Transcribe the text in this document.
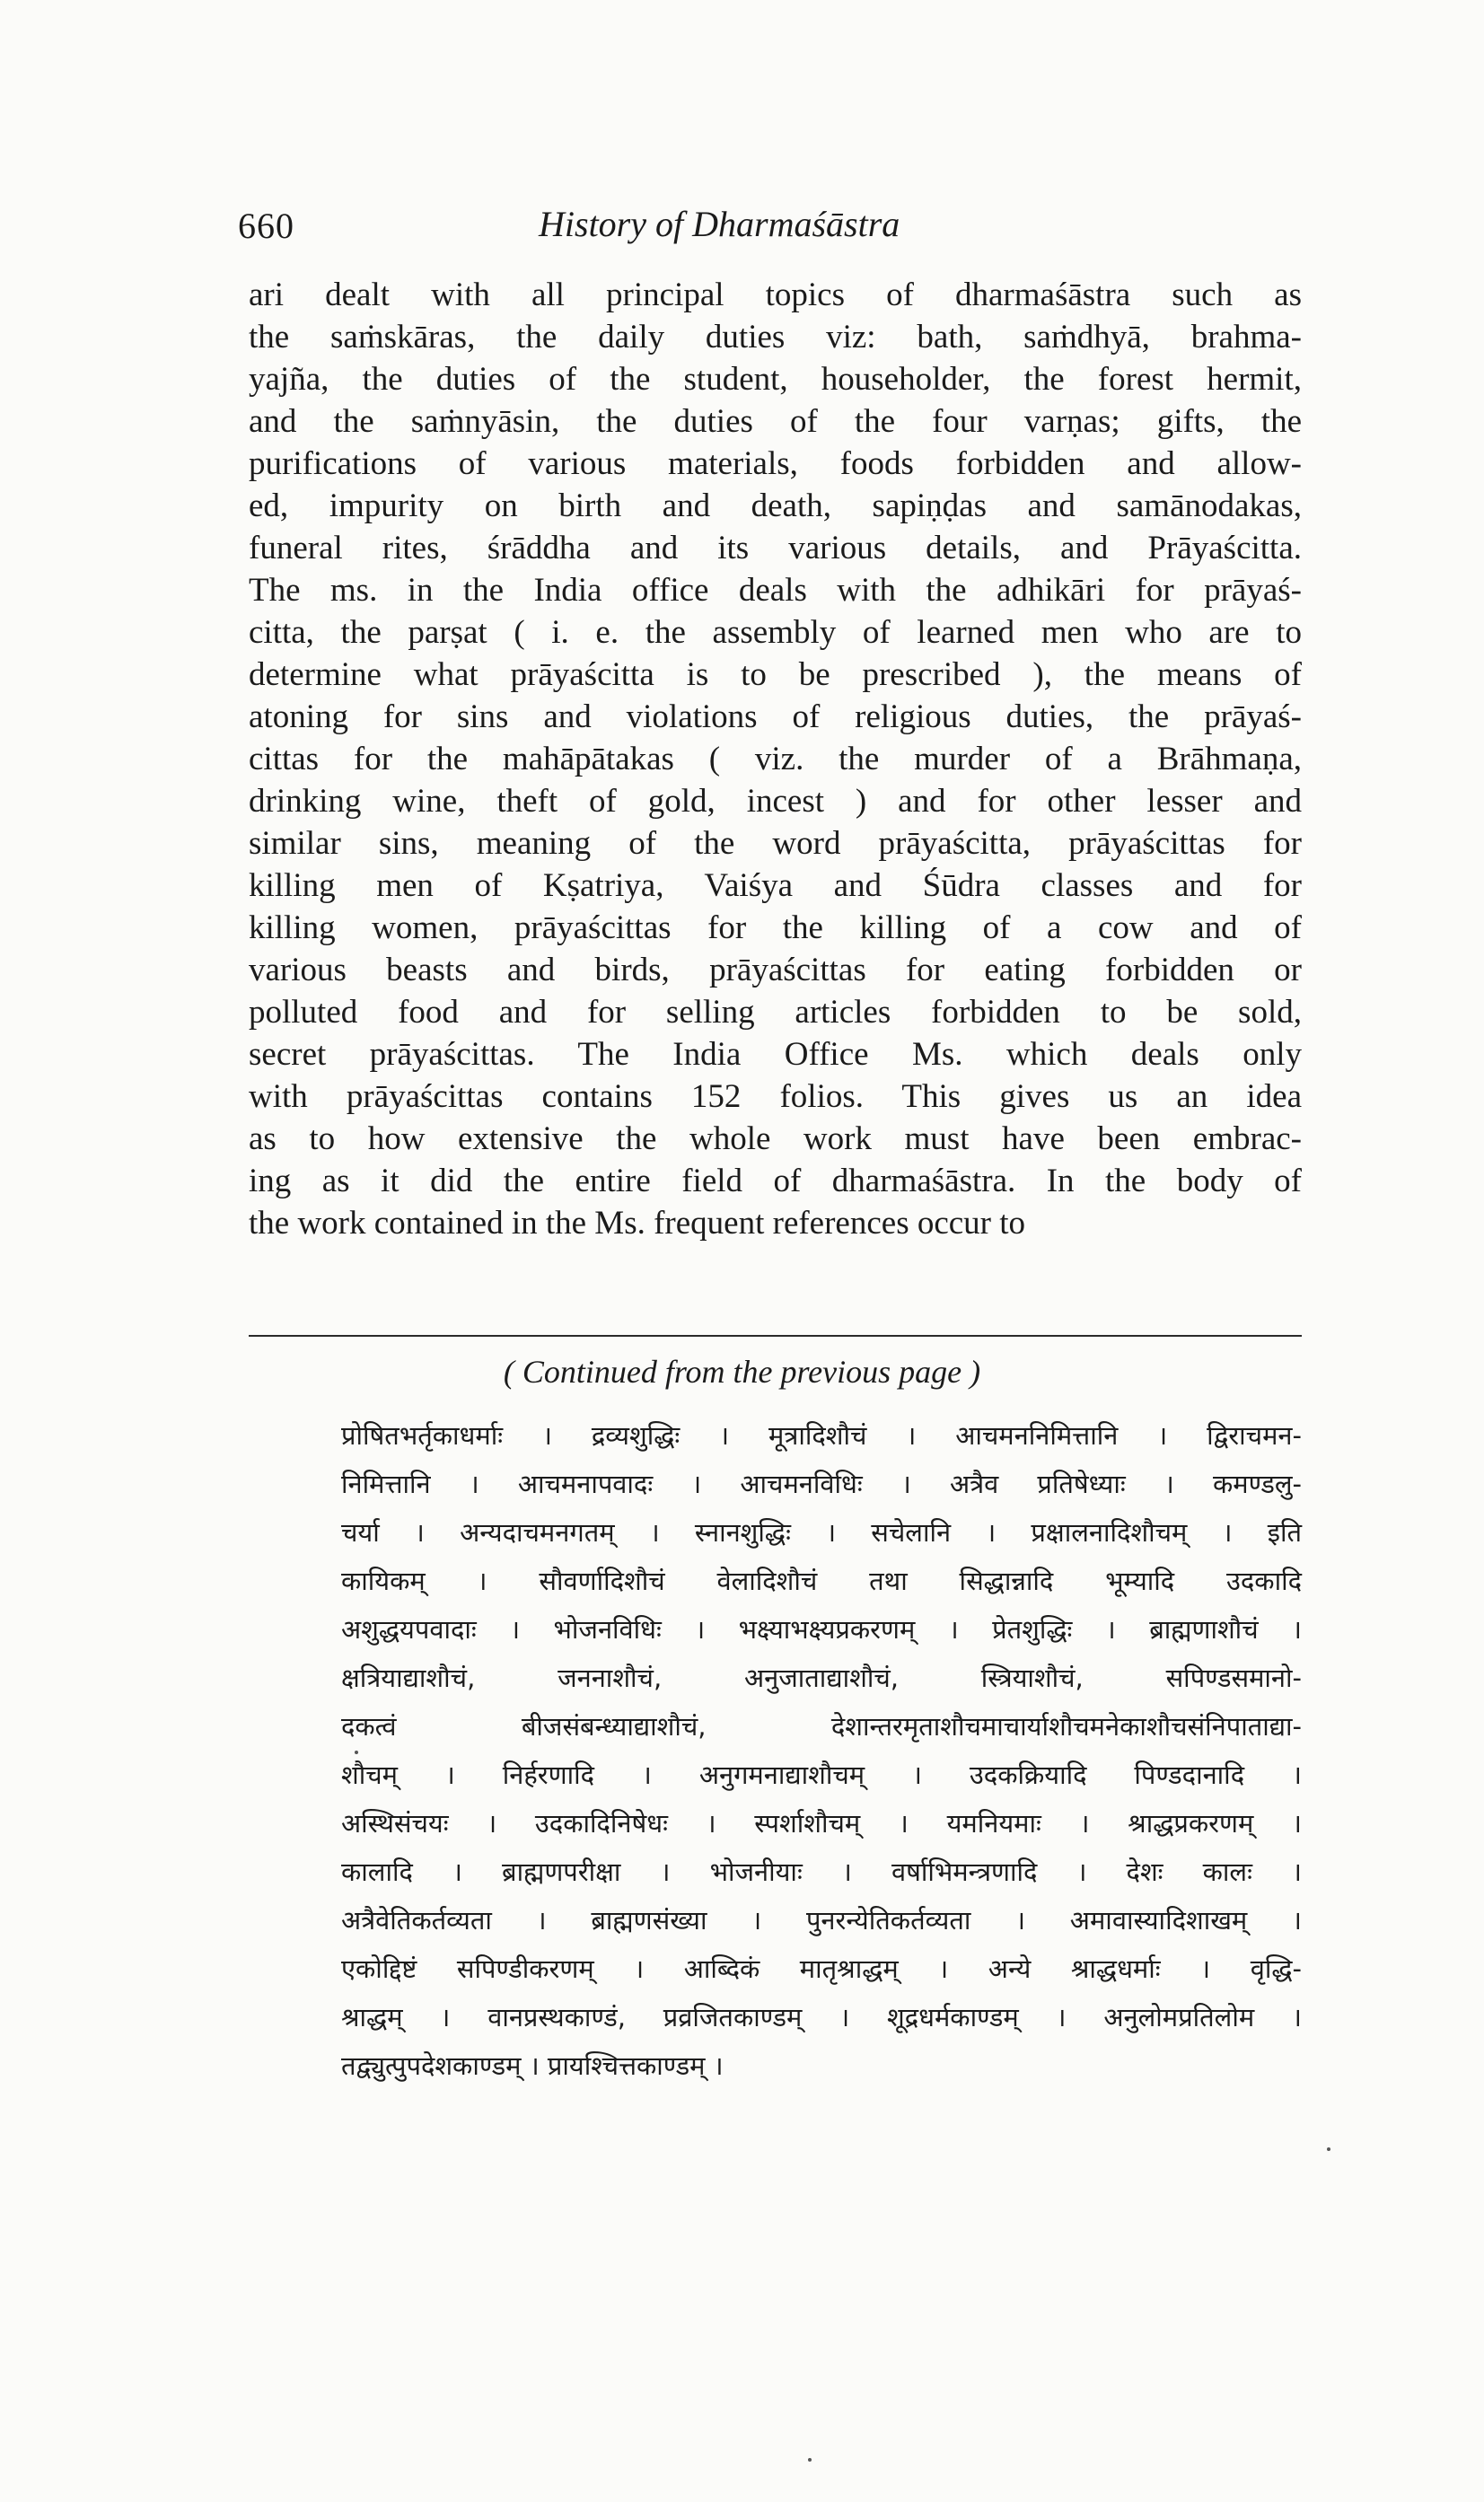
660	History of Dharmaśāstra
ari dealt with all principal topics of dharmaśāstra such as
the saṁskāras, the daily duties viz: bath, saṁdhyā, brahma-
yajña, the duties of the student, householder, the forest hermit,
and the saṁnyāsin, the duties of the four varṇas; gifts, the
purifications of various materials, foods forbidden and allow-
ed, impurity on birth and death, sapiṇḍas and samānodakas,
funeral rites, śrāddha and its various details, and Prāyaścitta.
The ms. in the India office deals with the adhikāri for prāyaś-
citta, the parṣat ( i. e. the assembly of learned men who are to
determine what prāyaścitta is to be prescribed ), the means of
atoning for sins and violations of religious duties, the prāyaś-
cittas for the mahāpātakas ( viz. the murder of a Brāhmaṇa,
drinking wine, theft of gold, incest ) and for other lesser and
similar sins, meaning of the word prāyaścitta, prāyaścittas for
killing men of Kṣatriya, Vaiśya and Śūdra classes and for
killing women, prāyaścittas for the killing of a cow and of
various beasts and birds, prāyaścittas for eating forbidden or
polluted food and for selling articles forbidden to be sold,
secret prāyaścittas. The India Office Ms. which deals only
with prāyaścittas contains 152 folios. This gives us an idea
as to how extensive the whole work must have been embrac-
ing as it did the entire field of dharmaśāstra. In the body of
the work contained in the Ms. frequent references occur to
( Continued from the previous page )
प्रोषितभर्तृकाधर्माः । द्रव्यशुद्धिः । मूत्रादिशौचं । आचमननिमित्तानि । द्विराचमन-
निमित्तानि । आचमनापवादः । आचमनविधिः । अत्रैव प्रतिषेध्याः । कमण्डलु-
चर्या । अन्यदाचमनगतम् । स्नानशुद्धिः । सचेलानि । प्रक्षालनादिशौचम् । इति
कायिकम् । सौवर्णादिशौचं वेलादिशौचं तथा सिद्धान्नादि भूम्यादि उदकादि
अशुद्धयपवादाः । भोजनविधिः । भक्ष्याभक्ष्यप्रकरणम् । प्रेतशुद्धिः । ब्राह्मणाशौचं ।
क्षत्रियाद्याशौचं, जननाशौचं, अनुजाताद्याशौचं, स्त्रियाशौचं, सपिण्डसमानो-
दकत्वं बीजसंबन्ध्याद्याशौचं, देशान्तरमृताशौचमाचार्याशौचमनेकाशौचसंनिपाताद्या-
शौचम् । निर्हरणादि । अनुगमनाद्याशौचम् । उदकक्रियादि पिण्डदानादि ।
अस्थिसंचयः । उदकादिनिषेधः । स्पर्शाशौचम् । यमनियमाः । श्राद्धप्रकरणम् ।
कालादि । ब्राह्मणपरीक्षा । भोजनीयाः । वर्षाभिमन्त्रणादि । देशः कालः ।
अत्रैवेतिकर्तव्यता । ब्राह्मणसंख्या । पुनरन्येतिकर्तव्यता । अमावास्यादिशाखम् ।
एकोद्दिष्टं सपिण्डीकरणम् । आब्दिकं मातृश्राद्धम् । अन्ये श्राद्धधर्माः । वृद्धि-
श्राद्धम् । वानप्रस्थकाण्डं, प्रव्रजितकाण्डम् । शूद्रधर्मकाण्डम् । अनुलोमप्रतिलोम ।
तद्व्युत्पुपदेशकाण्डम् । प्रायश्चित्तकाण्डम् ।
